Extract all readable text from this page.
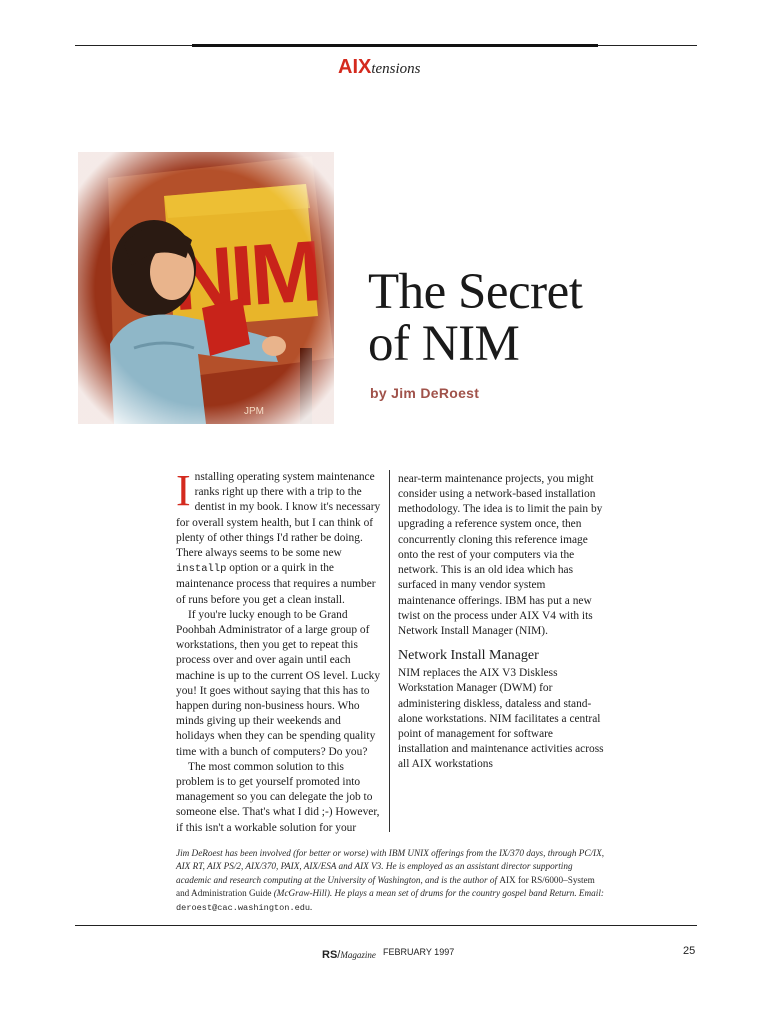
AIXtensions
The Secret
of NIM
by Jim DeRoest

Installing operating system maintenance ranks right up there with a trip to the dentist in my book. I know it's necessary for overall system health, but I can think of plenty of other things I'd rather be doing. There always seems to be some new installp option or a quirk in the maintenance process that requires a number of runs before you get a clean install.

If you're lucky enough to be Grand Poohbah Administrator of a large group of workstations, then you get to repeat this process over and over again until each machine is up to the current OS level. Lucky you! It goes without saying that this has to happen during non-business hours. Who minds giving up their weekends and holidays when they can be spending quality time with a bunch of computers? Do you?

The most common solution to this problem is to get yourself promoted into management so you can delegate the job to someone else. That's what I did ;-) However, if this isn't a workable solution for your

near-term maintenance projects, you might consider using a network-based installation methodology. The idea is to limit the pain by upgrading a reference system once, then concurrently cloning this reference image onto the rest of your computers via the network. This is an old idea which has surfaced in many vendor system maintenance offerings. IBM has put a new twist on the process under AIX V4 with its Network Install Manager (NIM).

Network Install Manager

NIM replaces the AIX V3 Diskless Workstation Manager (DWM) for administering diskless, dataless and stand-alone workstations. NIM facilitates a central point of management for software installation and maintenance activities across all AIX workstations

Jim DeRoest has been involved (for better or worse) with IBM UNIX offerings from the IX/370 days, through PC/IX, AIX RT, AIX PS/2, AIX/370, PAIX, AIX/ESA and AIX V3. He is employed as an assistant director supporting academic and research computing at the University of Washington, and is the author of AIX for RS/6000–System and Administration Guide (McGraw-Hill). He plays a mean set of drums for the country gospel band Return. Email: deroest@cac.washington.edu.
RS/Magazine FEBRUARY 1997	25
